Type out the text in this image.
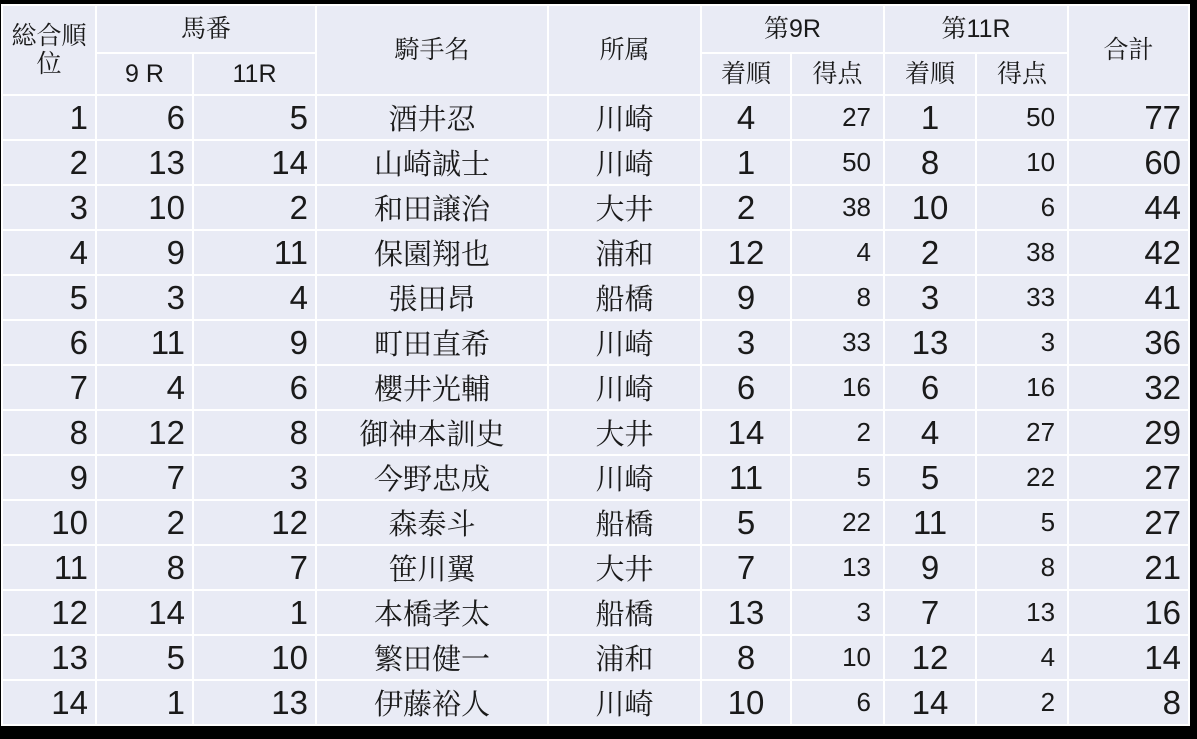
総合順位	馬番		騎手名	所属	第9R		第11R		合計
	9 R	11R			着順	得点	着順	得点	
1	6	5	酒井忍	川崎	4	27	1	50	77
2	13	14	山崎誠士	川崎	1	50	8	10	60
3	10	2	和田譲治	大井	2	38	10	6	44
4	9	11	保園翔也	浦和	12	4	2	38	42
5	3	4	張田昂	船橋	9	8	3	33	41
6	11	9	町田直希	川崎	3	33	13	3	36
7	4	6	櫻井光輔	川崎	6	16	6	16	32
8	12	8	御神本訓史	大井	14	2	4	27	29
9	7	3	今野忠成	川崎	11	5	5	22	27
10	2	12	森泰斗	船橋	5	22	11	5	27
11	8	7	笹川翼	大井	7	13	9	8	21
12	14	1	本橋孝太	船橋	13	3	7	13	16
13	5	10	繁田健一	浦和	8	10	12	4	14
14	1	13	伊藤裕人	川崎	10	6	14	2	8
